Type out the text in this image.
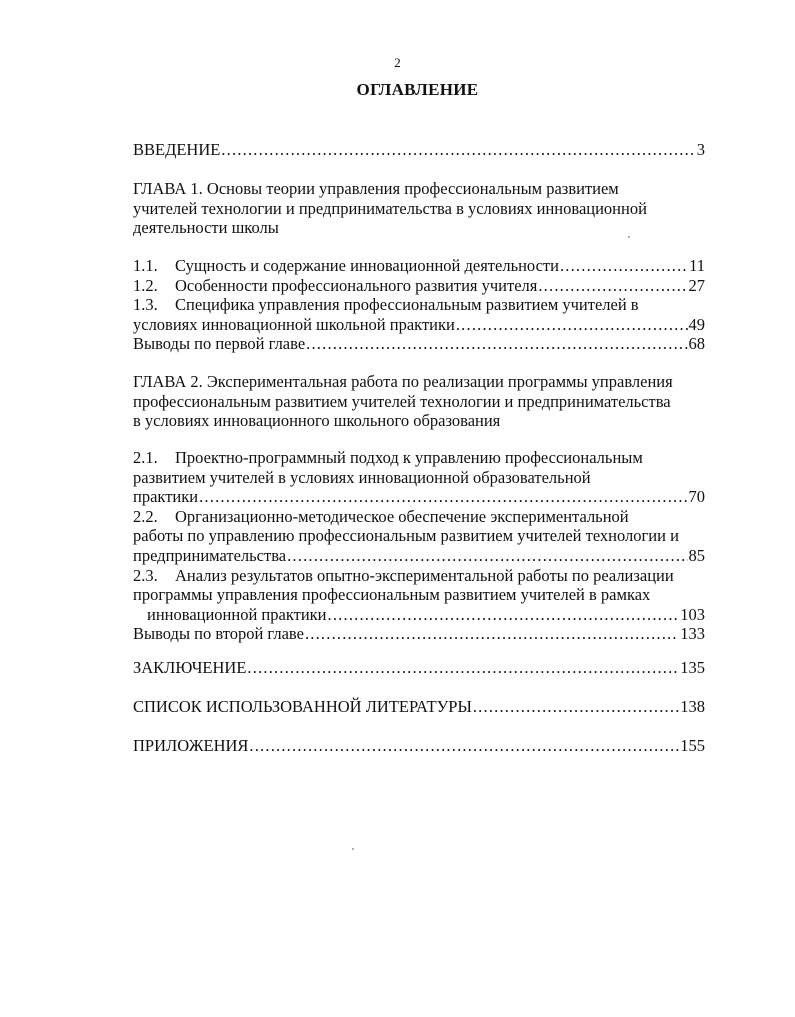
2
ОГЛАВЛЕНИЕ
ВВЕДЕНИЕ .....	3
ГЛАВА 1. Основы теории управления профессиональным развитием
учителей технологии и предпринимательства в условиях инновационной
деятельности школы
1.1. Сущность и содержание инновационной деятельности .....	11
1.2. Особенности профессионального развития учителя .....	27
1.3. Специфика управления профессиональным развитием учителей в
условиях инновационной школьной практики .....	49
Выводы по первой главе .....	68
ГЛАВА 2. Экспериментальная работа по реализации программы управления
профессиональным развитием учителей технологии и предпринимательства
в условиях инновационного школьного образования
2.1. Проектно-программный подход к управлению профессиональным
развитием учителей в условиях инновационной образовательной
практики .....	70
2.2. Организационно-методическое обеспечение экспериментальной
работы по управлению профессиональным развитием учителей технологии и
предпринимательства .....	85
2.3. Анализ результатов опытно-экспериментальной работы по реализации
программы управления профессиональным развитием учителей в рамках
инновационной практики .....	103
Выводы по второй главе .....	133
ЗАКЛЮЧЕНИЕ .....	135
СПИСОК ИСПОЛЬЗОВАННОЙ ЛИТЕРАТУРЫ .....	138
ПРИЛОЖЕНИЯ .....	155
